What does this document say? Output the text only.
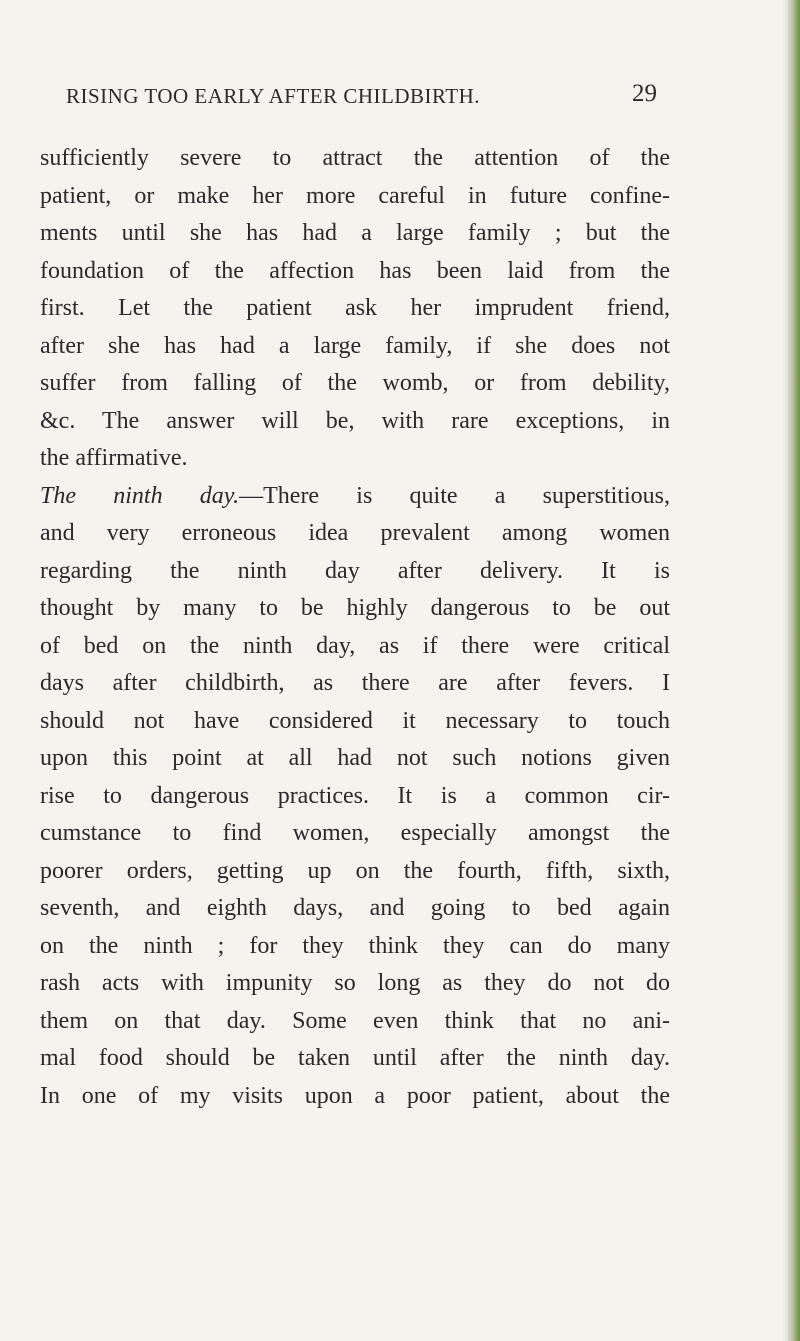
RISING TOO EARLY AFTER CHILDBIRTH.	29
sufficiently severe to attract the attention of the
patient, or make her more careful in future confine-
ments until she has had a large family ; but the
foundation of the affection has been laid from the
first. Let the patient ask her imprudent friend,
after she has had a large family, if she does not
suffer from falling of the womb, or from debility,
&c. The answer will be, with rare exceptions, in
the affirmative.
The ninth day.—There is quite a superstitious,
and very erroneous idea prevalent among women
regarding the ninth day after delivery. It is
thought by many to be highly dangerous to be out
of bed on the ninth day, as if there were critical
days after childbirth, as there are after fevers. I
should not have considered it necessary to touch
upon this point at all had not such notions given
rise to dangerous practices. It is a common cir-
cumstance to find women, especially amongst the
poorer orders, getting up on the fourth, fifth, sixth,
seventh, and eighth days, and going to bed again
on the ninth ; for they think they can do many
rash acts with impunity so long as they do not do
them on that day. Some even think that no ani-
mal food should be taken until after the ninth day.
In one of my visits upon a poor patient, about the
